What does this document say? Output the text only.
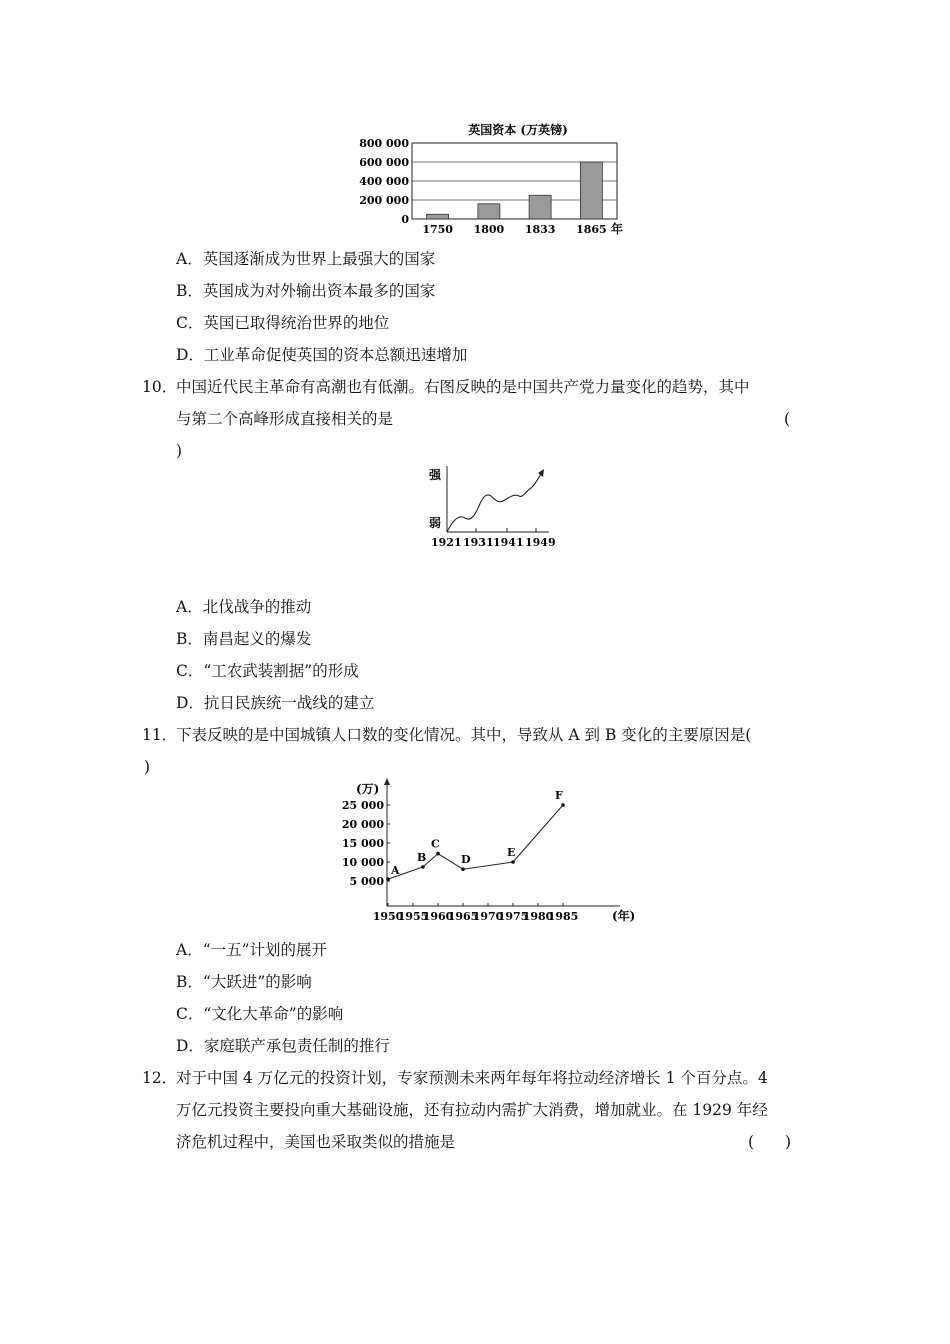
英国资本 (万英镑)
800 000
600 000
400 000
200 000
0
1750 1800 1833 1865 年
A．英国逐渐成为世界上最强大的国家
B．英国成为对外输出资本最多的国家
C．英国已取得统治世界的地位
D．工业革命促使英国的资本总额迅速增加
10．
中国近代民主革命有高潮也有低潮。右图反映的是中国共产党力量变化的趋势，其中
与第二个高峰形成直接相关的是	(
)
强
弱
1921 1931 1941 1949
A．北伐战争的推动
B．南昌起义的爆发
C．“工农武装割据”的形成
D．抗日民族统一战线的建立
11．
下表反映的是中国城镇人口数的变化情况。其中，导致从 A 到 B 变化的主要原因是(
)
(万)
25 000
20 000
15 000
10 000
5 000
1950
1955
1960
1965
1970
1975
1980
1985	(年)
A
B
C
D
E
F
A．“一五”计划的展开
B．“大跃进”的影响
C．“文化大革命”的影响
D．家庭联产承包责任制的推行
12．
对于中国 4 万亿元的投资计划，专家预测未来两年每年将拉动经济增长 1 个百分点。4
万亿元投资主要投向重大基础设施，还有拉动内需扩大消费，增加就业。在 1929 年经
济危机过程中，美国也采取类似的措施是	(　　)
